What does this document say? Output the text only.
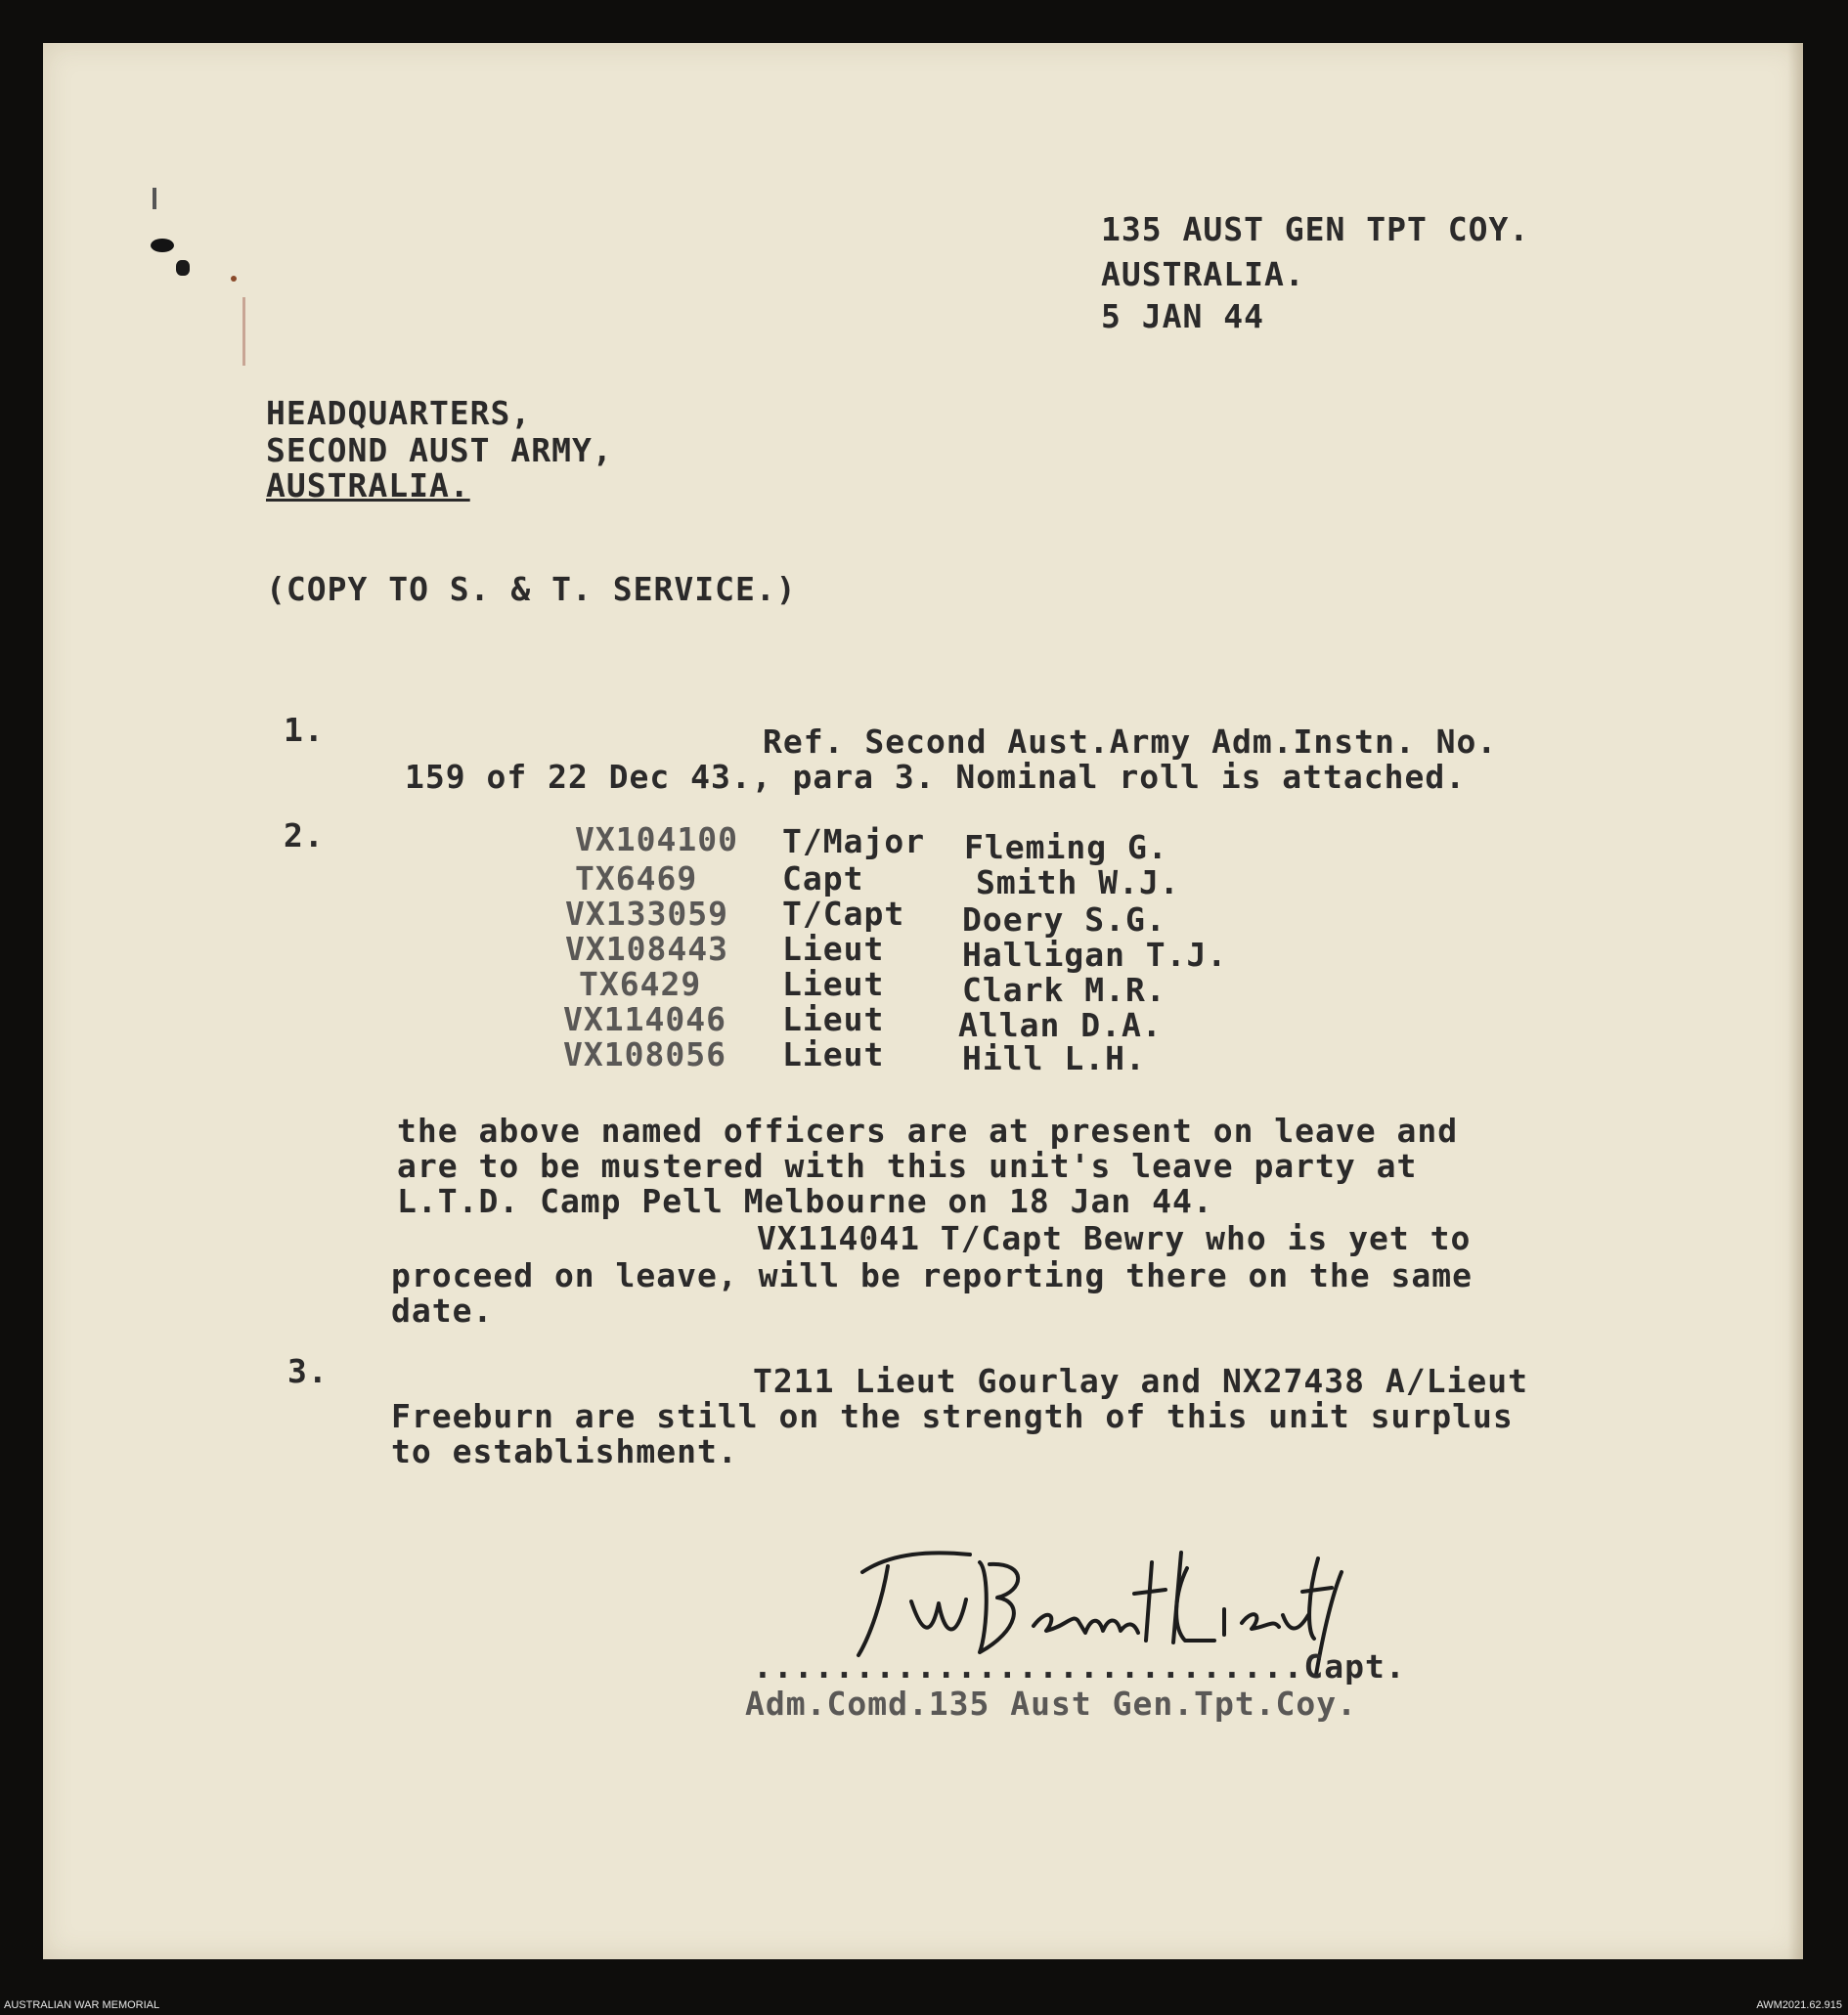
135 AUST GEN TPT COY.
AUSTRALIA.
5 JAN 44
HEADQUARTERS,
SECOND AUST ARMY,
AUSTRALIA.
(COPY TO S. & T. SERVICE.)
1.	Ref. Second Aust.Army Adm.Instn. No.
159 of 22 Dec 43., para 3. Nominal roll is attached.
2.	VX104100 T/Major Fleming G.
TX6469	Capt	Smith W.J.
VX133059 T/Capt Doery S.G.
VX108443 Lieut Halligan T.J.
TX6429	Lieut Clark M.R.
VX114046 Lieut Allan D.A.
VX108056 Lieut Hill L.H.
the above named officers are at present on leave and
are to be mustered with this unit's leave party at
L.T.D. Camp Pell Melbourne on 18 Jan 44.
VX114041 T/Capt Bewry who is yet to
proceed on leave, will be reporting there on the same
date.
3.	T211 Lieut Gourlay and NX27438 A/Lieut
Freeburn are still on the strength of this unit surplus
to establishment.
...........................Capt.
Adm.Comd.135 Aust Gen.Tpt.Coy.
AUSTRALIAN WAR MEMORIAL	AWM2021.62.915
